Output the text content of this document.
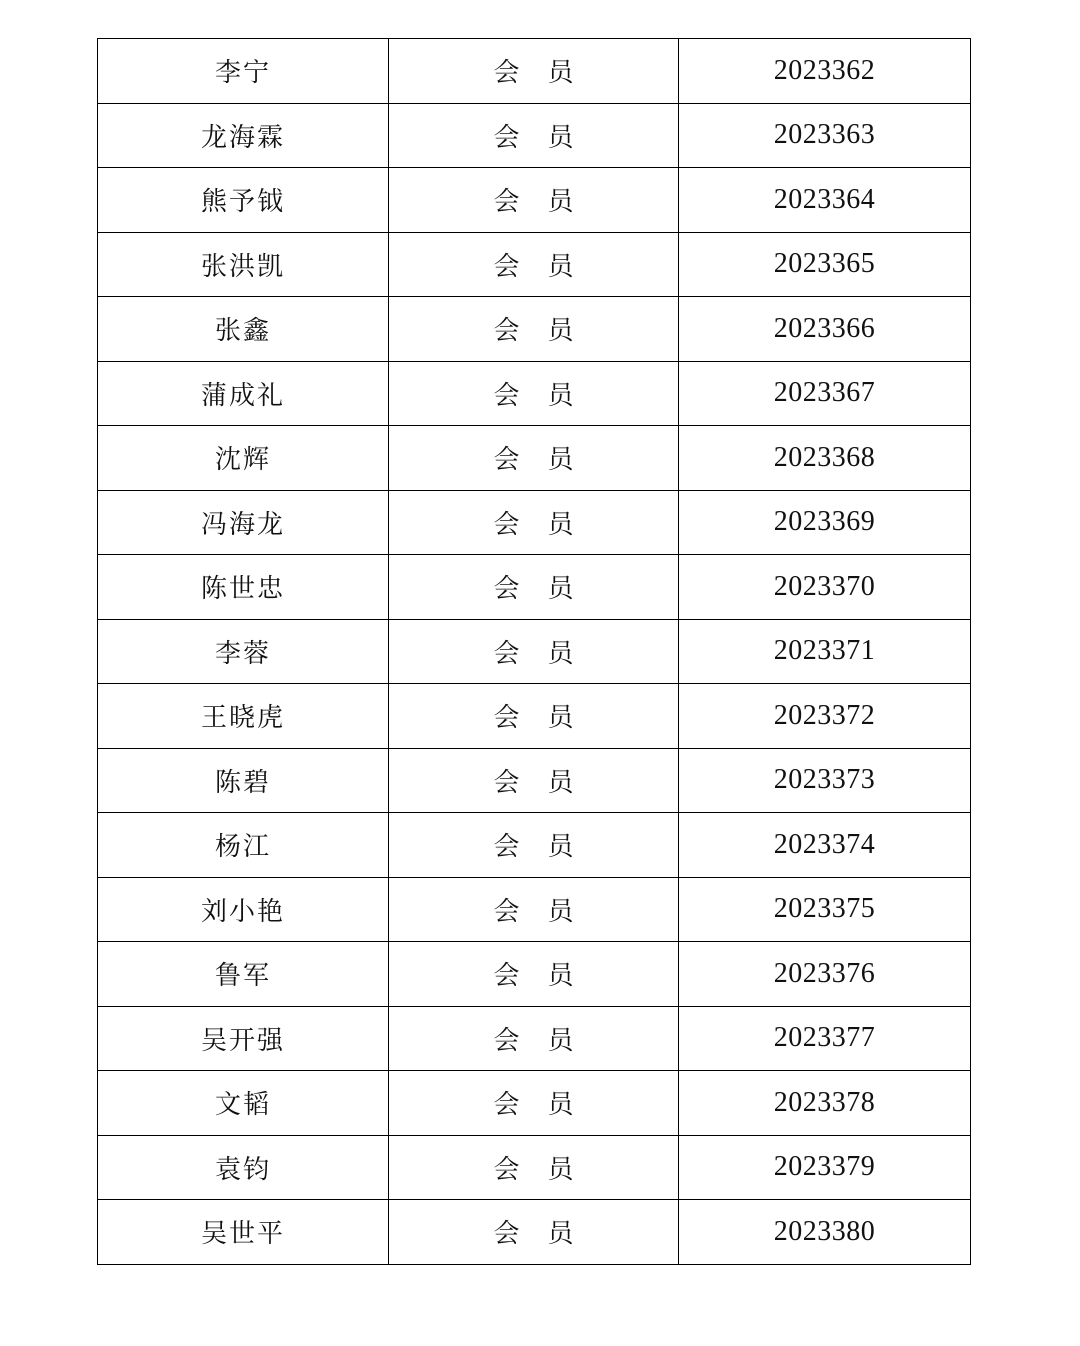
李宁	会员	2023362
龙海霖	会员	2023363
熊予钺	会员	2023364
张洪凯	会员	2023365
张鑫	会员	2023366
蒲成礼	会员	2023367
沈辉	会员	2023368
冯海龙	会员	2023369
陈世忠	会员	2023370
李蓉	会员	2023371
王晓虎	会员	2023372
陈碧	会员	2023373
杨江	会员	2023374
刘小艳	会员	2023375
鲁军	会员	2023376
吴开强	会员	2023377
文韬	会员	2023378
袁钧	会员	2023379
吴世平	会员	2023380
